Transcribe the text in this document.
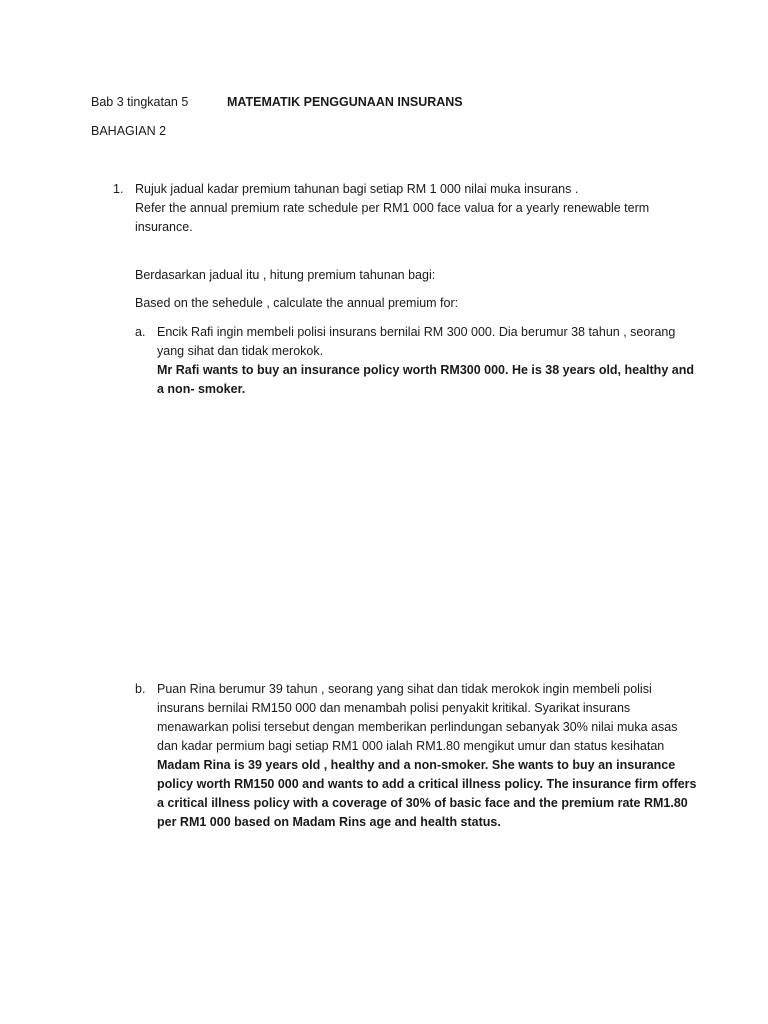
Bab 3 tingkatan 5	MATEMATIK PENGGUNAAN INSURANS
BAHAGIAN 2
1. Rujuk jadual kadar premium tahunan bagi setiap RM 1 000 nilai muka insurans .

Refer the annual premium rate schedule per RM1 000 face valua for a yearly renewable term insurance.

Berdasarkan jadual itu , hitung premium tahunan bagi:
Based on the sehedule , calculate the annual premium for:
a. Encik Rafi ingin membeli polisi insurans bernilai RM 300 000. Dia berumur 38 tahun , seorang yang sihat dan tidak merokok.

Mr Rafi wants to buy an insurance policy worth RM300 000. He is 38 years old, healthy and a non- smoker.

b. Puan Rina berumur 39 tahun , seorang yang sihat dan tidak merokok ingin membeli polisi insurans bernilai RM150 000 dan menambah polisi penyakit kritikal. Syarikat insurans menawarkan polisi tersebut dengan memberikan perlindungan sebanyak 30% nilai muka asas dan kadar permium bagi setiap RM1 000 ialah RM1.80 mengikut umur dan status kesihatan

Madam Rina is 39 years old , healthy and a non-smoker. She wants to buy an insurance policy worth RM150 000 and wants to add a critical illness policy. The insurance firm offers a critical illness policy with a coverage of 30% of basic face and the premium rate RM1.80 per RM1 000 based on Madam Rins age and health status.
